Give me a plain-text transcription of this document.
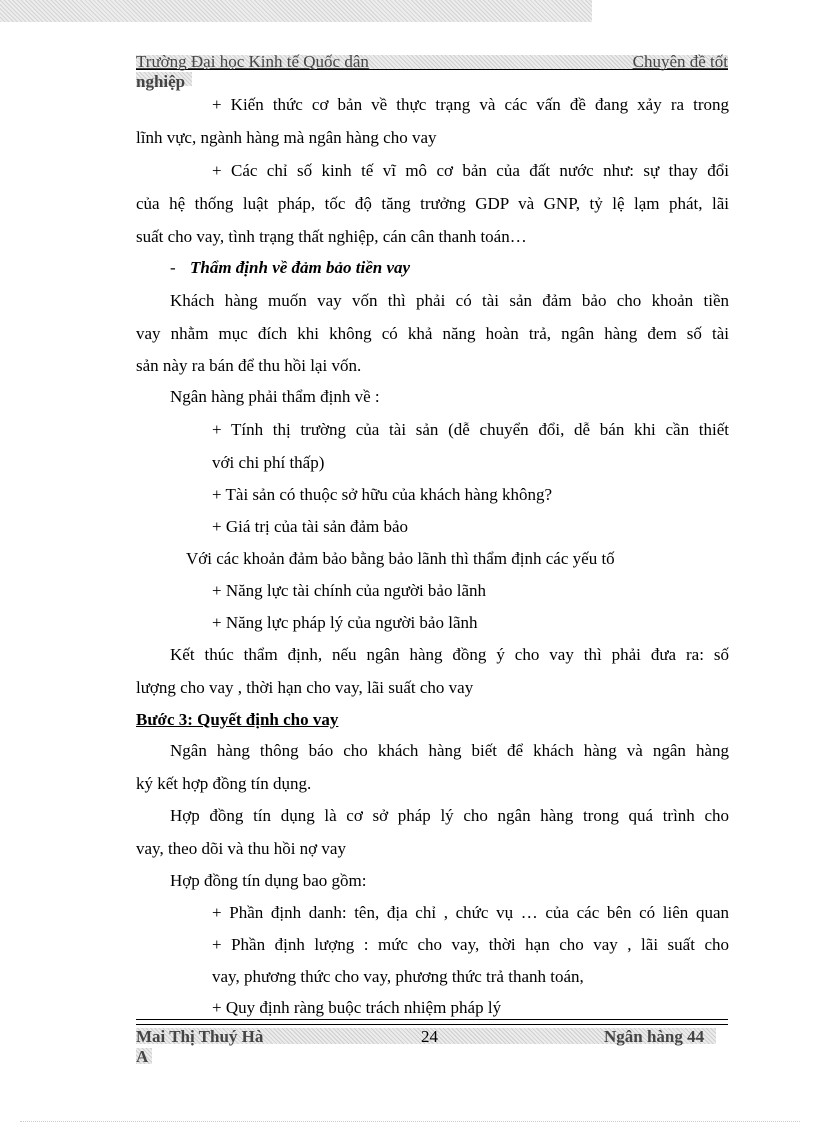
Trường Đại học Kinh tế Quốc dân	Chuyên đề tốt
nghiệp
+ Kiến thức cơ bản về thực trạng và các vấn đề đang xảy ra trong
lĩnh vực, ngành hàng mà ngân hàng cho vay
+ Các chỉ số kinh tế vĩ mô cơ bản của đất nước như: sự thay đổi
của hệ thống luật pháp, tốc độ tăng trưởng GDP và GNP, tỷ lệ lạm phát, lãi
suất cho vay, tình trạng thất nghiệp, cán cân thanh toán…
- Thẩm định về đảm bảo tiền vay
Khách hàng muốn vay vốn thì phải có tài sản đảm bảo cho khoản tiền
vay nhằm mục đích khi không có khả năng hoàn trả, ngân hàng đem số tài
sản này ra bán để thu hồi lại vốn.
Ngân hàng phải thẩm định về :
+ Tính thị trường của tài sản (dễ chuyển đổi, dễ bán khi cần thiết
với chi phí thấp)
+ Tài sản có thuộc sở hữu của khách hàng không?
+ Giá trị của tài sản đảm bảo
Với các khoản đảm bảo bằng bảo lãnh thì thẩm định các yếu tố
+ Năng lực tài chính của người bảo lãnh
+ Năng lực pháp lý của người bảo lãnh
Kết thúc thẩm định, nếu ngân hàng đồng ý cho vay thì phải đưa ra: số
lượng cho vay , thời hạn cho vay, lãi suất cho vay
Bước 3: Quyết định cho vay
Ngân hàng thông báo cho khách hàng biết để khách hàng và ngân hàng
ký kết hợp đồng tín dụng.
Hợp đồng tín dụng là cơ sở pháp lý cho ngân hàng trong quá trình cho
vay, theo dõi và thu hồi nợ vay
Hợp đồng tín dụng bao gồm:
+ Phần định danh: tên, địa chỉ , chức vụ … của các bên có liên quan
+ Phần định lượng : mức cho vay, thời hạn cho vay , lãi suất cho
vay, phương thức cho vay, phương thức trả thanh toán,
+ Quy định ràng buộc trách nhiệm pháp lý
Mai Thị Thuý Hà	24	Ngân hàng 44
A
